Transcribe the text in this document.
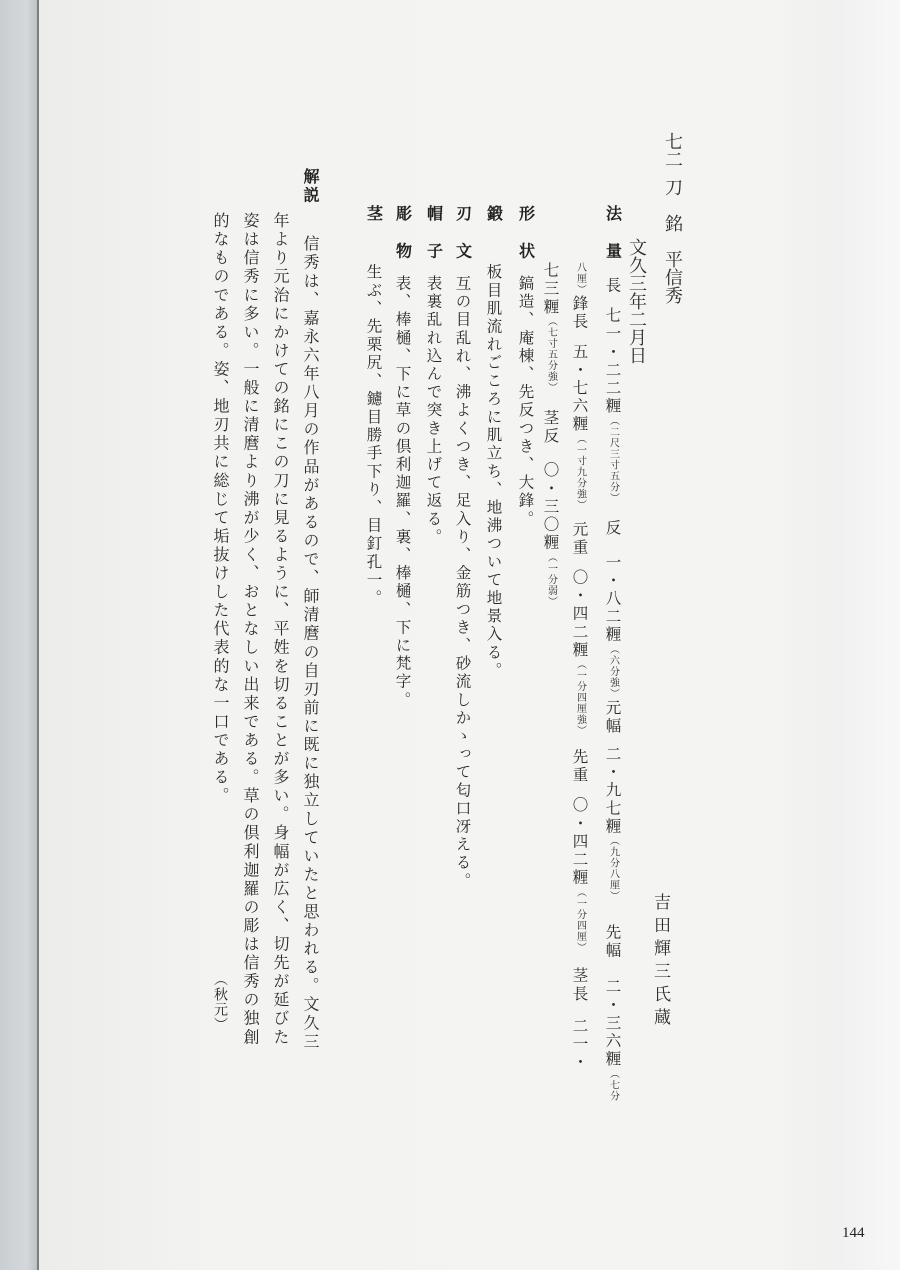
七二刀銘平信秀
文久三年二月日
吉田輝三氏蔵
法　量長七一・二二糎（二尺三寸五分）反一・八二糎（六分強）元幅二・九七糎（九分八厘）先幅二・三六糎（七分
八厘）鋒長五・七六糎（一寸九分強）元重〇・四二糎（一分四厘強）先重〇・四二糎（一分四厘）茎長二一・
七三糎（七寸五分強）茎反〇・三〇糎（一分弱）
形　状鎬造、庵棟、先反つき、大鋒。
鍛板目肌流れごころに肌立ち、地沸ついて地景入る。
刃　文互の目乱れ、沸よくつき、足入り、金筋つき、砂流しかゝって匂口冴える。
帽　子表裏乱れ込んで突き上げて返る。
彫　物表、棒樋、下に草の倶利迦羅、裏、棒樋、下に梵字。
茎生ぶ、先栗尻、鑢目勝手下り、目釘孔一。
解説信秀は、嘉永六年八月の作品があるので、師清麿の自刃前に既に独立していたと思われる。文久三
年より元治にかけての銘にこの刀に見るように、平姓を切ることが多い。身幅が広く、切先が延びた
姿は信秀に多い。一般に清麿より沸が少く、おとなしい出来である。草の倶利迦羅の彫は信秀の独創
的なものである。姿、地刃共に総じて垢抜けした代表的な一口である。
（秋元）
144
